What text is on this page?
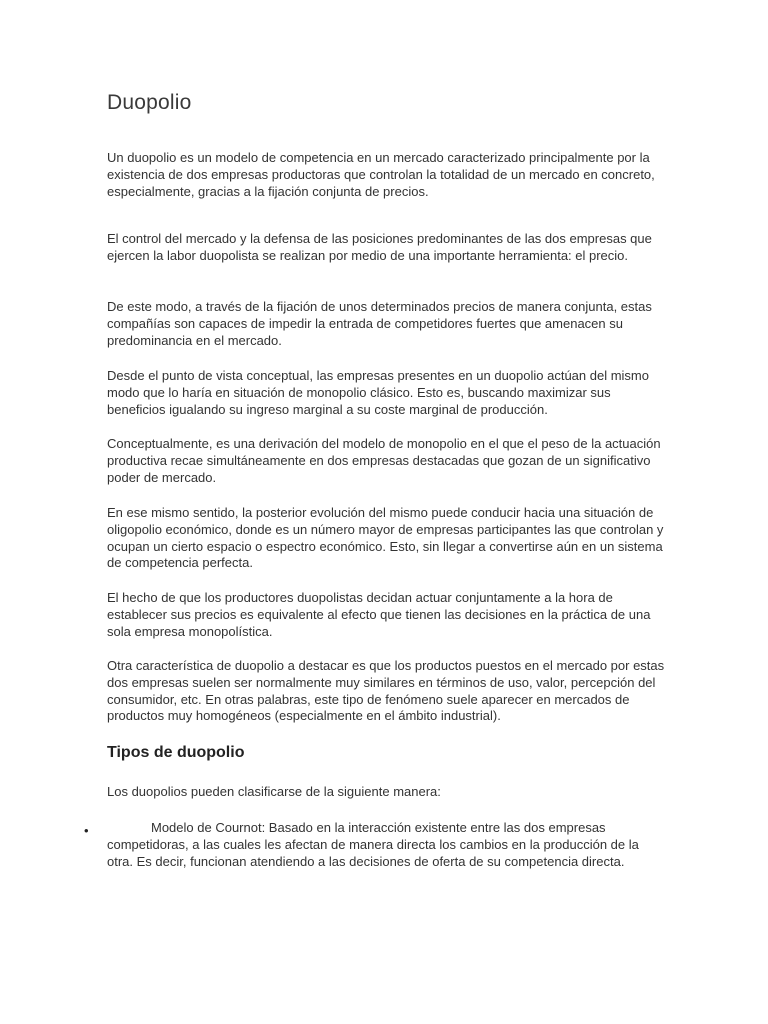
Duopolio

Un duopolio es un modelo de competencia en un mercado caracterizado principalmente por la existencia de dos empresas productoras que controlan la totalidad de un mercado en concreto, especialmente, gracias a la fijación conjunta de precios.

El control del mercado y la defensa de las posiciones predominantes de las dos empresas que ejercen la labor duopolista se realizan por medio de una importante herramienta: el precio.

De este modo, a través de la fijación de unos determinados precios de manera conjunta, estas compañías son capaces de impedir la entrada de competidores fuertes que amenacen su predominancia en el mercado.

Desde el punto de vista conceptual, las empresas presentes en un duopolio actúan del mismo modo que lo haría en situación de monopolio clásico. Esto es, buscando maximizar sus beneficios igualando su ingreso marginal a su coste marginal de producción.

Conceptualmente, es una derivación del modelo de monopolio en el que el peso de la actuación productiva recae simultáneamente en dos empresas destacadas que gozan de un significativo poder de mercado.

En ese mismo sentido, la posterior evolución del mismo puede conducir hacia una situación de oligopolio económico, donde es un número mayor de empresas participantes las que controlan y ocupan un cierto espacio o espectro económico. Esto, sin llegar a convertirse aún en un sistema de competencia perfecta.

El hecho de que los productores duopolistas decidan actuar conjuntamente a la hora de establecer sus precios es equivalente al efecto que tienen las decisiones en la práctica de una sola empresa monopolística.

Otra característica de duopolio a destacar es que los productos puestos en el mercado por estas dos empresas suelen ser normalmente muy similares en términos de uso, valor, percepción del consumidor, etc. En otras palabras, este tipo de fenómeno suele aparecer en mercados de productos muy homogéneos (especialmente en el ámbito industrial).

Tipos de duopolio

Los duopolios pueden clasificarse de la siguiente manera:

•	Modelo de Cournot: Basado en la interacción existente entre las dos empresas competidoras, a las cuales les afectan de manera directa los cambios en la producción de la otra. Es decir, funcionan atendiendo a las decisiones de oferta de su competencia directa.
